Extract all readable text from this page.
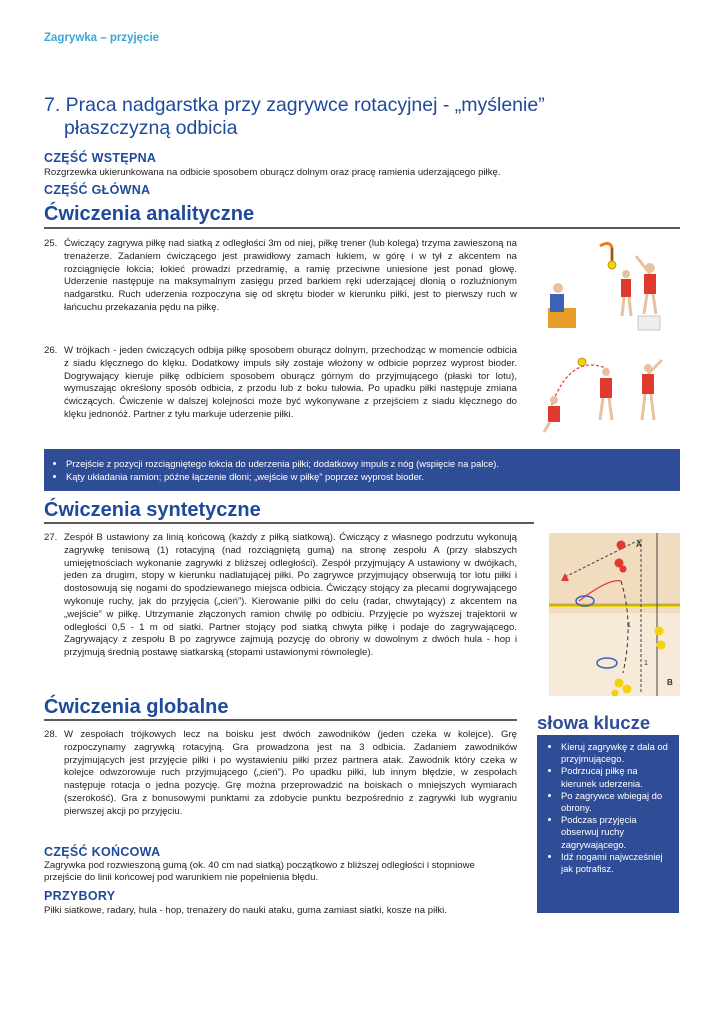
Zagrywka – przyjęcie
7. Praca nadgarstka przy zagrywce rotacyjnej - „myślenie”
płaszczyzną odbicia
CZĘŚĆ WSTĘPNA
Rozgrzewka ukierunkowana na odbicie sposobem oburącz dolnym oraz pracę ramienia uderzającego piłkę.
CZĘŚĆ GŁÓWNA
Ćwiczenia analityczne
25. Ćwiczący zagrywa piłkę nad siatką z odległości 3m od niej, piłkę trener (lub kolega) trzyma zawieszoną na trenażerze. Zadaniem ćwiczącego jest prawidłowy zamach łukiem, w górę i w tył z akcentem na rozciągnięcie łokcia; łokieć prowadzi przedramię, a ramię przeciwne uniesione jest ponad głowę. Uderzenie następuje na maksymalnym zasięgu przed barkiem ręki uderzającej dłonią o rozluźnionym nadgarstku. Ruch uderzenia rozpoczyna się od skrętu bioder w kierunku piłki, jest to pierwszy ruch w łańcuchu przekazania pędu na piłkę.
26. W trójkach - jeden ćwiczących odbija piłkę sposobem oburącz dolnym, przechodząc w momencie odbicia z siadu klęcznego do klęku. Dodatkowy impuls siły zostaje włożony w odbicie poprzez wyprost bioder. Dogrywający kieruje piłkę odbiciem sposobem oburącz górnym do przyjmującego (płaski tor lotu), wymuszając określony sposób odbicia, z przodu lub z boku tułowia. Po upadku piłki następuje zmiana ćwiczących. Ćwiczenie w dalszej kolejności może być wykonywane z przejściem z siadu klęcznego do klęku jednonóż. Partner z tyłu markuje uderzenie piłki.
• Przejście z pozycji rozciągniętego łokcia do uderzenia piłki; dodatkowy impuls z nóg (wspięcie na palce).
• Kąty układania ramion; późne łączenie dłoni; „wejście w piłkę” poprzez wyprost bioder.
Ćwiczenia syntetyczne
27. Zespół B ustawiony za linią końcową (każdy z piłką siatkową). Ćwiczący z własnego podrzutu wykonują zagrywkę tenisową (1) rotacyjną (nad rozciągniętą gumą) na stronę zespołu A (przy słabszych umiejętnościach wykonanie zagrywki z bliższej odległości). Zespół przyjmujący A ustawiony w dwójkach, jeden za drugim, stopy w kierunku nadlatującej piłki. Po zagrywce przyjmujący obserwują tor lotu piłki i dostosowują się nogami do spodziewanego miejsca odbicia. Ćwiczący stojący za plecami dogrywającego wykonuje ruchy, jak do przyjęcia („cień”). Kierowanie piłki do celu (radar, chwytający) z akcentem na „wejście” w piłkę. Utrzymanie złączonych ramion chwilę po odbiciu. Przyjęcie po wyższej trajektorii w odległości 0,5 - 1 m od siatki. Partner stojący pod siatką chwyta piłkę i podaje do zagrywającego. Zagrywający z zespołu B po zagrywce zajmują pozycję do obrony w dowolnym z dwóch hula - hop i przyjmują średnią postawę siatkarską (stopami ustawionymi równolegle).
A
B
1
1
Ćwiczenia globalne
28. W zespołach trójkowych lecz na boisku jest dwóch zawodników (jeden czeka w kolejce). Grę rozpoczynamy zagrywką rotacyjną. Gra prowadzona jest na 3 odbicia. Zadaniem zawodników przyjmujących jest przyjęcie piłki i po wystawieniu piłki przez partnera atak. Zawodnik który czeka w kolejce odwzorowuje ruch przyjmującego („cień”). Po upadku piłki, lub innym błędzie, w zespołach następuje rotacja o jedna pozycję. Grę można przeprowadzić na boiskach o mniejszych wymiarach (szerokość). Gra z bonusowymi punktami za zdobycie punktu bezpośrednio z zagrywki lub wygraniu pierwszej akcji po przyjęciu.
słowa klucze
• Kieruj zagrywkę z dala od przyjmującego.
• Podrzucaj piłkę na kierunek uderzenia.
• Po zagrywce wbiegaj do obrony.
• Podczas przyjęcia obserwuj ruchy zagrywającego.
• Idź nogami najwcześniej jak potrafisz.
CZĘŚĆ KOŃCOWA
Zagrywka pod rozwieszoną gumą (ok. 40 cm nad siatką) początkowo z bliższej odległości i stopniowe przejście do linii końcowej pod warunkiem nie popełnienia błędu.
PRZYBORY
Piłki siatkowe, radary, hula - hop, trenażery do nauki ataku, guma zamiast siatki, kosze na piłki.
